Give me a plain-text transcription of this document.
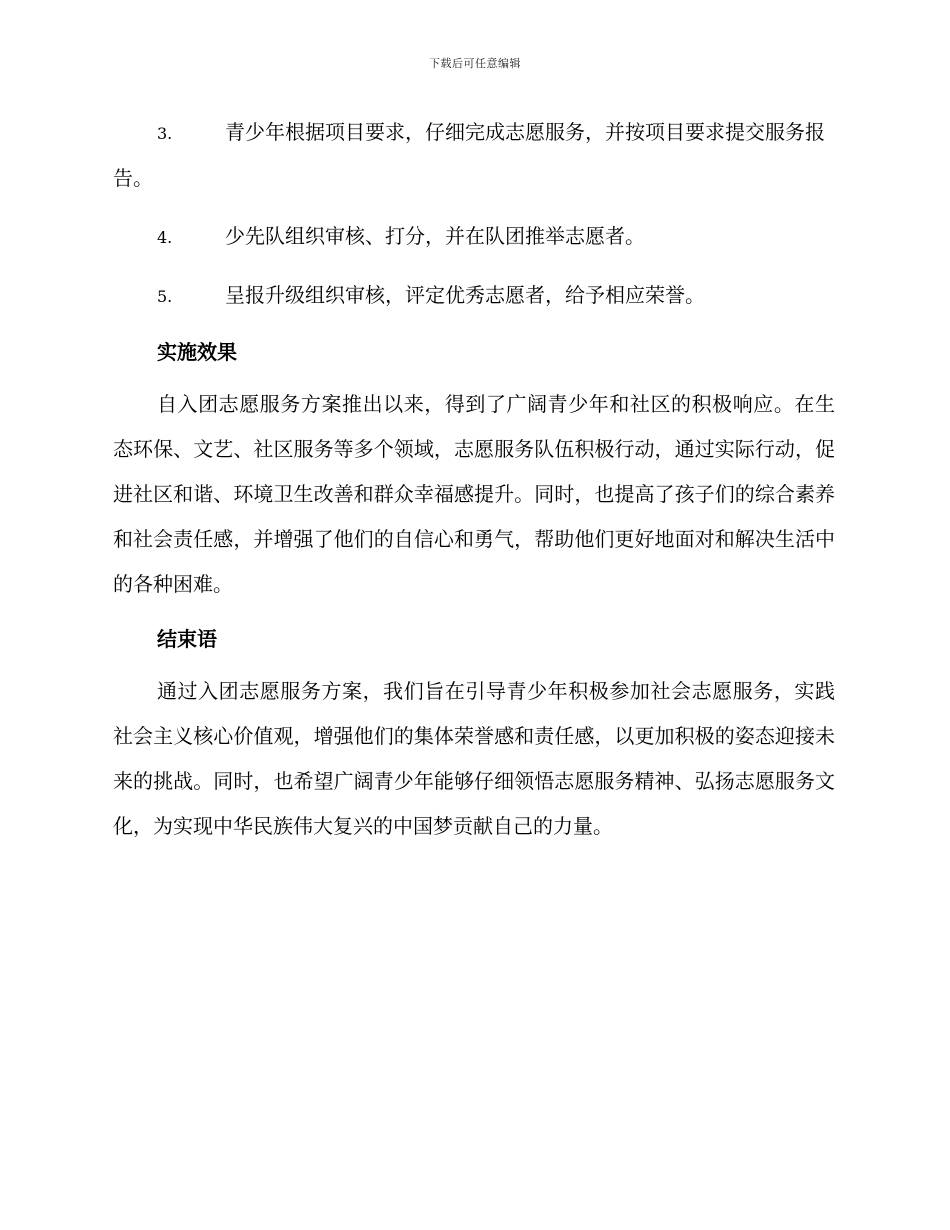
下载后可任意编辑
3.	青少年根据项目要求，仔细完成志愿服务，并按项目要求提交服务报告。
4.	少先队组织审核、打分，并在队团推举志愿者。
5.	呈报升级组织审核，评定优秀志愿者，给予相应荣誉。
实施效果

自入团志愿服务方案推出以来，得到了广阔青少年和社区的积极响应。在生态环保、文艺、社区服务等多个领域，志愿服务队伍积极行动，通过实际行动，促进社区和谐、环境卫生改善和群众幸福感提升。同时，也提高了孩子们的综合素养和社会责任感，并增强了他们的自信心和勇气，帮助他们更好地面对和解决生活中的各种困难。

结束语

通过入团志愿服务方案，我们旨在引导青少年积极参加社会志愿服务，实践社会主义核心价值观，增强他们的集体荣誉感和责任感，以更加积极的姿态迎接未来的挑战。同时，也希望广阔青少年能够仔细领悟志愿服务精神、弘扬志愿服务文化，为实现中华民族伟大复兴的中国梦贡献自己的力量。
